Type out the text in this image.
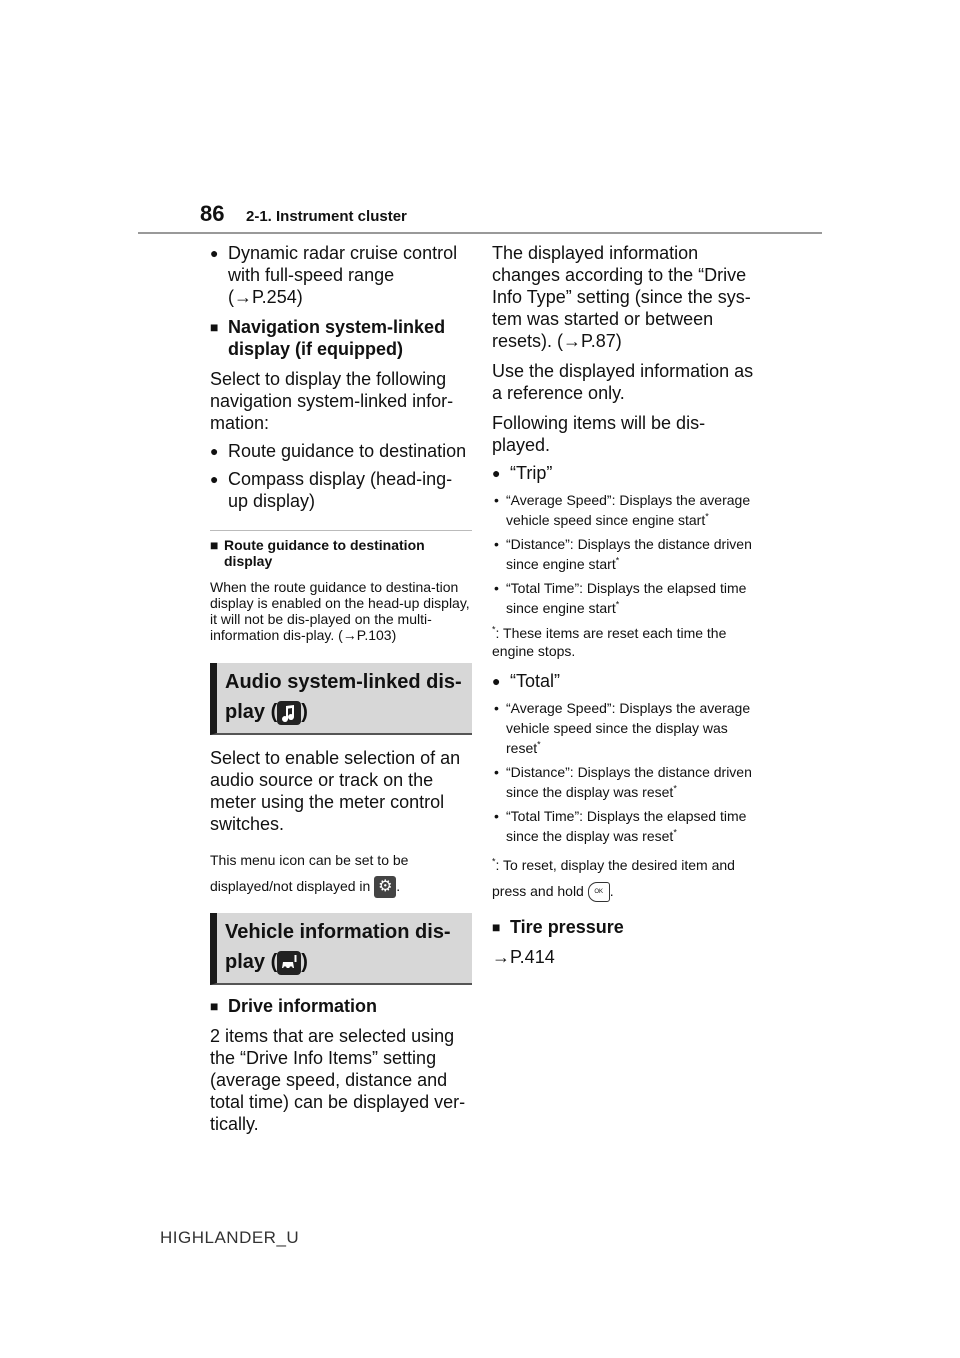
86 2-1. Instrument cluster
● Dynamic radar cruise control with full-speed range
(→P.254)
■ Navigation system-linked display (if equipped)

Select to display the following navigation system-linked infor-mation:

● Route guidance to destination
● Compass display (head-ing-up display)
■ Route guidance to destination display

When the route guidance to destina-tion display is enabled on the head-up display, it will not be dis-played on the multi-information dis-play. (→P.103)

Audio system-linked dis-play ( )

Select to enable selection of an audio source or track on the meter using the meter control switches.

This menu icon can be set to be displayed/not displayed in ⚙ .

Vehicle information dis-play ( )
■ Drive information

2 items that are selected using the “Drive Info Items” setting (average speed, distance and total time) can be displayed ver-tically.

The displayed information changes according to the “Drive Info Type” setting (since the sys-tem was started or between resets). (→P.87)

Use the displayed information as a reference only.

Following items will be dis-played.

● “Trip”
• “Average Speed”: Displays the average vehicle speed since engine start*
• “Distance”: Displays the distance driven since engine start*
• “Total Time”: Displays the elapsed time since engine start*
*: These items are reset each time the engine stops.
● “Total”
• “Average Speed”: Displays the average vehicle speed since the display was reset*
• “Distance”: Displays the distance driven since the display was reset*
• “Total Time”: Displays the elapsed time since the display was reset*
*: To reset, display the desired item and press and hold OK .
■ Tire pressure
→P.414
HIGHLANDER_U
